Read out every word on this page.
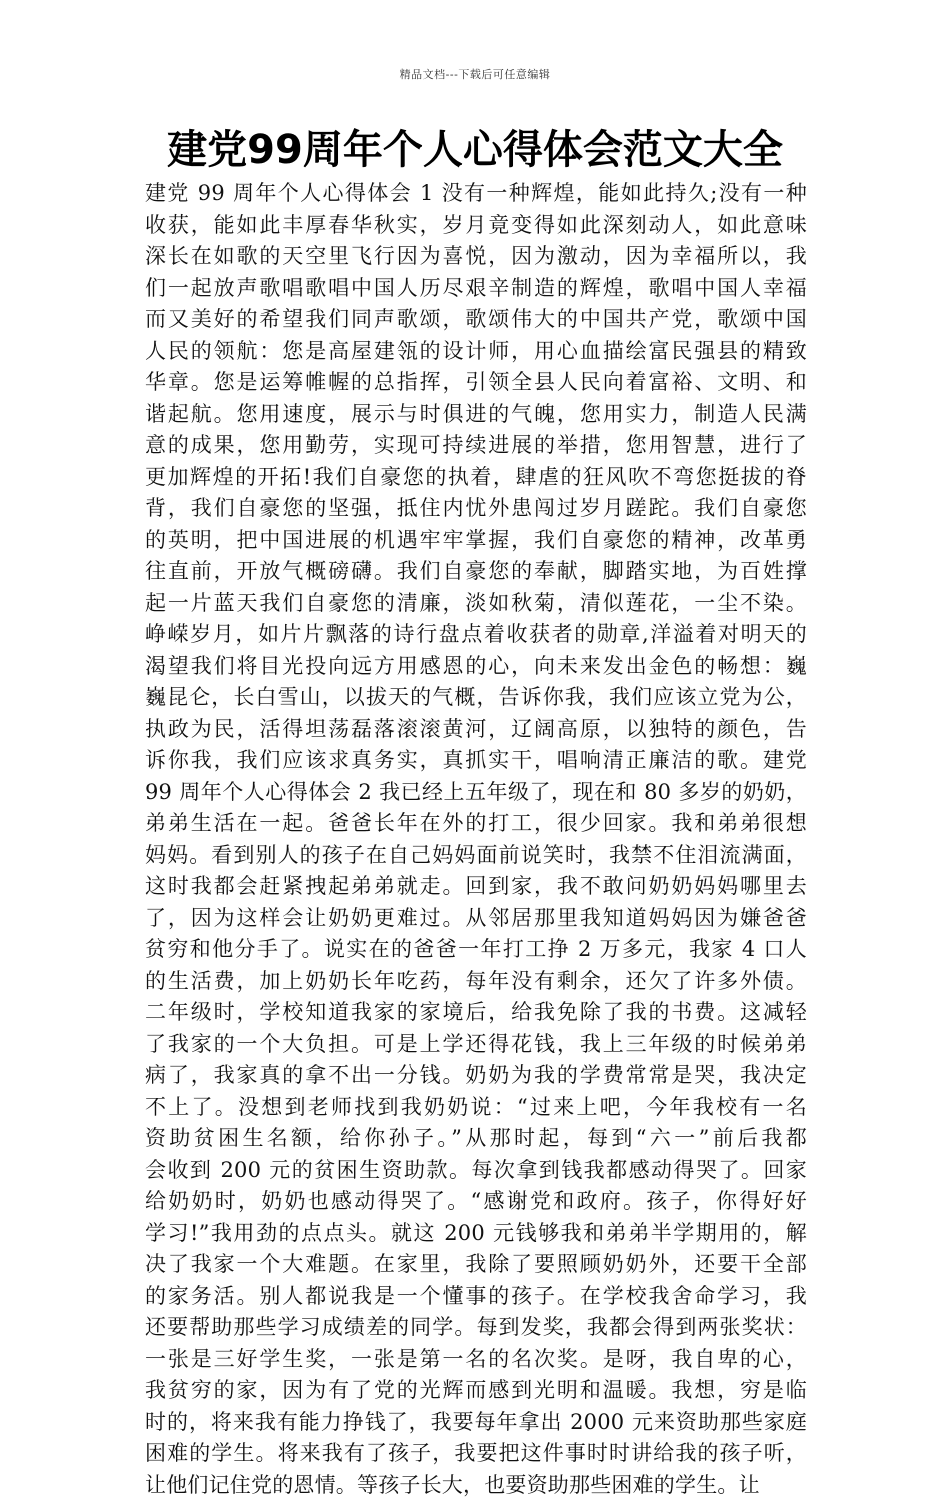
精品文档---下载后可任意编辑
建党99周年个人心得体会范文大全
建党 99 周年个人心得体会 1 没有一种辉煌，能如此持久;没有一种
收获，能如此丰厚春华秋实，岁月竟变得如此深刻动人，如此意味
深长在如歌的天空里飞行因为喜悦，因为激动，因为幸福所以，我
们一起放声歌唱歌唱中国人历尽艰辛制造的辉煌，歌唱中国人幸福
而又美好的希望我们同声歌颂，歌颂伟大的中国共产党，歌颂中国
人民的领航：您是高屋建瓴的设计师，用心血描绘富民强县的精致
华章。您是运筹帷幄的总指挥，引领全县人民向着富裕、文明、和
谐起航。您用速度，展示与时俱进的气魄，您用实力，制造人民满
意的成果，您用勤劳，实现可持续进展的举措，您用智慧，进行了
更加辉煌的开拓!我们自豪您的执着，肆虐的狂风吹不弯您挺拔的脊
背，我们自豪您的坚强，抵住内忧外患闯过岁月蹉跎。我们自豪您
的英明，把中国进展的机遇牢牢掌握，我们自豪您的精神，改革勇
往直前，开放气概磅礴。我们自豪您的奉献，脚踏实地，为百姓撑
起一片蓝天我们自豪您的清廉，淡如秋菊，清似莲花，一尘不染。
峥嵘岁月，如片片飘落的诗行盘点着收获者的勋章,洋溢着对明天的
渴望我们将目光投向远方用感恩的心，向未来发出金色的畅想：巍
巍昆仑，长白雪山，以拔天的气概，告诉你我，我们应该立党为公，
执政为民，活得坦荡磊落滚滚黄河，辽阔高原，以独特的颜色，告
诉你我，我们应该求真务实，真抓实干，唱响清正廉洁的歌。建党
99 周年个人心得体会 2 我已经上五年级了，现在和 80 多岁的奶奶，
弟弟生活在一起。爸爸长年在外的打工，很少回家。我和弟弟很想
妈妈。看到别人的孩子在自己妈妈面前说笑时，我禁不住泪流满面，
这时我都会赶紧拽起弟弟就走。回到家，我不敢问奶奶妈妈哪里去
了，因为这样会让奶奶更难过。从邻居那里我知道妈妈因为嫌爸爸
贫穷和他分手了。说实在的爸爸一年打工挣 2 万多元，我家 4 口人
的生活费，加上奶奶长年吃药，每年没有剩余，还欠了许多外债。
二年级时，学校知道我家的家境后，给我免除了我的书费。这减轻
了我家的一个大负担。可是上学还得花钱，我上三年级的时候弟弟
病了，我家真的拿不出一分钱。奶奶为我的学费常常是哭，我决定
不上了。没想到老师找到我奶奶说：“过来上吧，今年我校有一名
资助贫困生名额，给你孙子。”从那时起，每到“六一”前后我都
会收到 200 元的贫困生资助款。每次拿到钱我都感动得哭了。回家
给奶奶时，奶奶也感动得哭了。“感谢党和政府。孩子，你得好好
学习!”我用劲的点点头。就这 200 元钱够我和弟弟半学期用的，解
决了我家一个大难题。在家里，我除了要照顾奶奶外，还要干全部
的家务活。别人都说我是一个懂事的孩子。在学校我舍命学习，我
还要帮助那些学习成绩差的同学。每到发奖，我都会得到两张奖状：
一张是三好学生奖，一张是第一名的名次奖。是呀，我自卑的心，
我贫穷的家，因为有了党的光辉而感到光明和温暖。我想，穷是临
时的，将来我有能力挣钱了，我要每年拿出 2000 元来资助那些家庭
困难的学生。将来我有了孩子，我要把这件事时时讲给我的孩子听，
让他们记住党的恩情。等孩子长大，也要资助那些困难的学生。让
